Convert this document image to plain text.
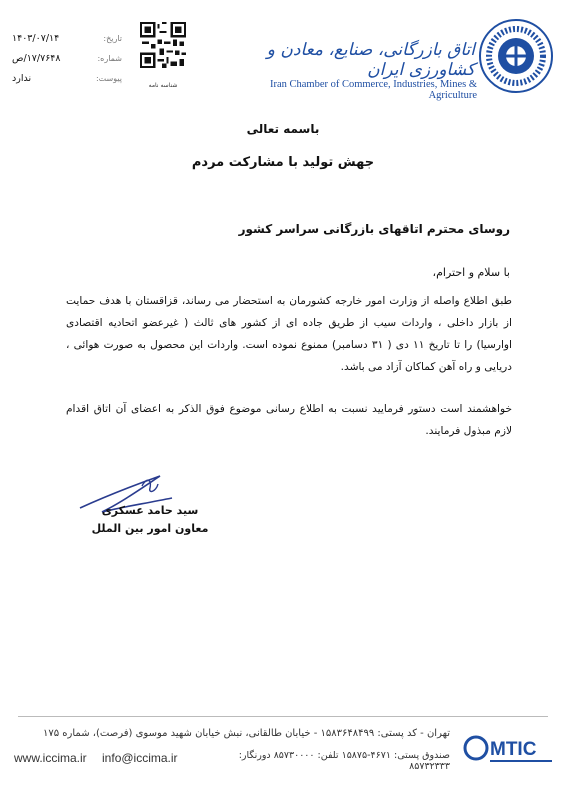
اتاق بازرگانی، صنایع، معادن و کشاورزی ایران
Iran Chamber of Commerce, Industries, Mines & Agriculture
شناسه نامه
تاریخ:
۱۴۰۳/۰۷/۱۴
شماره:
۱۷/۷۶۴۸/ص
پیوست:
ندارد
باسمه تعالی
جهش تولید با مشارکت مردم
روسای محترم اتاقهای بازرگانی سراسر کشور
با سلام و احترام،
طبق اطلاع واصله از وزارت امور خارجه کشورمان به استحضار می رساند، قزاقستان با هدف حمایت از بازار داخلی ، واردات سیب از طریق جاده ای از کشور های ثالث ( غیرعضو اتحادیه اقتصادی اوارسیا) را تا تاریخ ۱۱ دی ( ۳۱ دسامبر) ممنوع نموده است. واردات این محصول به صورت هوائی ، دریایی و راه آهن کماکان آزاد می باشد.
خواهشمند است دستور فرمایید نسبت به اطلاع رسانی موضوع فوق الذکر به اعضای آن اتاق اقدام لازم مبذول فرمایند.
سید حامد عسکری
معاون امور بین الملل
MTIC
تهران - کد پستی: ۱۵۸۳۶۴۸۴۹۹ - خیابان طالقانی، نبش خیابان شهید موسوی (فرصت)، شماره ۱۷۵
صندوق پستی: ۴۶۷۱-۱۵۸۷۵ تلفن: ۸۵۷۳۰۰۰۰ دورنگار: ۸۵۷۳۲۳۳۳
www.iccima.ir info@iccima.ir
